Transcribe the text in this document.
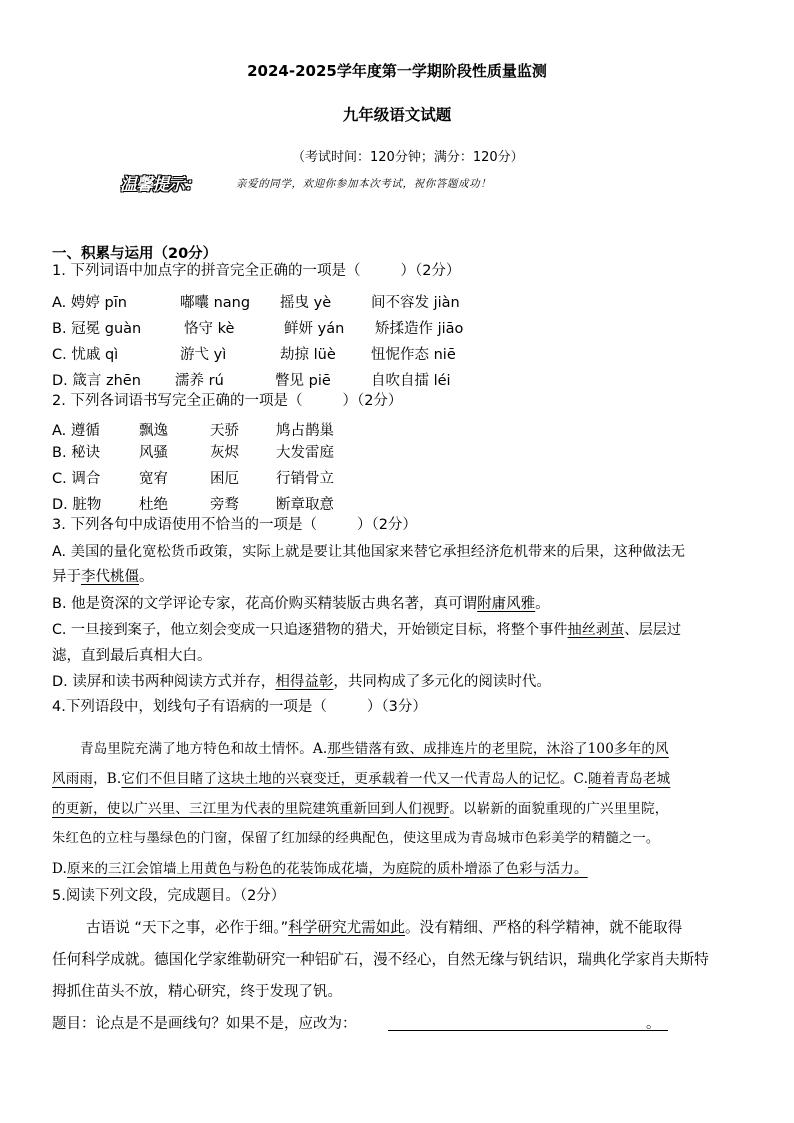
2024-2025学年度第一学期阶段性质量监测
九年级语文试题
（考试时间：120分钟；满分：120分）
温馨提示：	亲爱的同学，欢迎你参加本次考试，祝你答题成功！
一、积累与运用（20分）
1. 下列词语中加点字的拼音完全正确的一项是（	）（2分）
A. 娉婷 pīn	嘟囔 nang 摇曳 yè	间不容发 jiàn
B. 冠冕 guàn	恪守 kè	鲜妍 yán 矫揉造作 jiāo
C. 忧戚 qì	游弋 yì	劫掠 lüè 忸怩作态 niē
D. 箴言 zhēn 濡养 rú	瞥见 piē	自吹自擂 léi
2. 下列各词语书写完全正确的一项是（	）（2分）
A. 遵循	飘逸	天骄	鸠占鹊巢
B. 秘诀	风骚	灰烬	大发雷庭
C. 调合	宽宥	困厄	行销骨立
D. 脏物	杜绝	旁骛	断章取意
3. 下列各句中成语使用不恰当的一项是（	）（2分）
A. 美国的量化宽松货币政策，实际上就是要让其他国家来替它承担经济危机带来的后果，这种做法无
异于李代桃僵。
B. 他是资深的文学评论专家，花高价购买精装版古典名著，真可谓附庸风雅。
C. 一旦接到案子，他立刻会变成一只追逐猎物的猎犬，开始锁定目标，将整个事件抽丝剥茧、层层过
滤，直到最后真相大白。
D. 读屏和读书两种阅读方式并存，相得益彰，共同构成了多元化的阅读时代。
4.下列语段中，划线句子有语病的一项是（	）（3分）
青岛里院充满了地方特色和故土情怀。A.那些错落有致、成排连片的老里院，沐浴了100多年的风
风雨雨，B.它们不但目睹了这块土地的兴衰变迁，更承载着一代又一代青岛人的记忆。C.随着青岛老城
的更新，使以广兴里、三江里为代表的里院建筑重新回到人们视野。以崭新的面貌重现的广兴里里院，
朱红色的立柱与墨绿色的门窗，保留了红加绿的经典配色，使这里成为青岛城市色彩美学的精髓之一。
D.原来的三江会馆墙上用黄色与粉色的花装饰成花墙，为庭院的质朴增添了色彩与活力。
5.阅读下列文段，完成题目。（2分）
古语说 “天下之事，必作于细。”科学研究尤需如此。没有精细、严格的科学精神，就不能取得
任何科学成就。德国化学家维勒研究一种铝矿石，漫不经心，自然无缘与钒结识，瑞典化学家肖夫斯特
拇抓住苗头不放，精心研究，终于发现了钒。
题目：论点是不是画线句？如果不是，应改为：	。
